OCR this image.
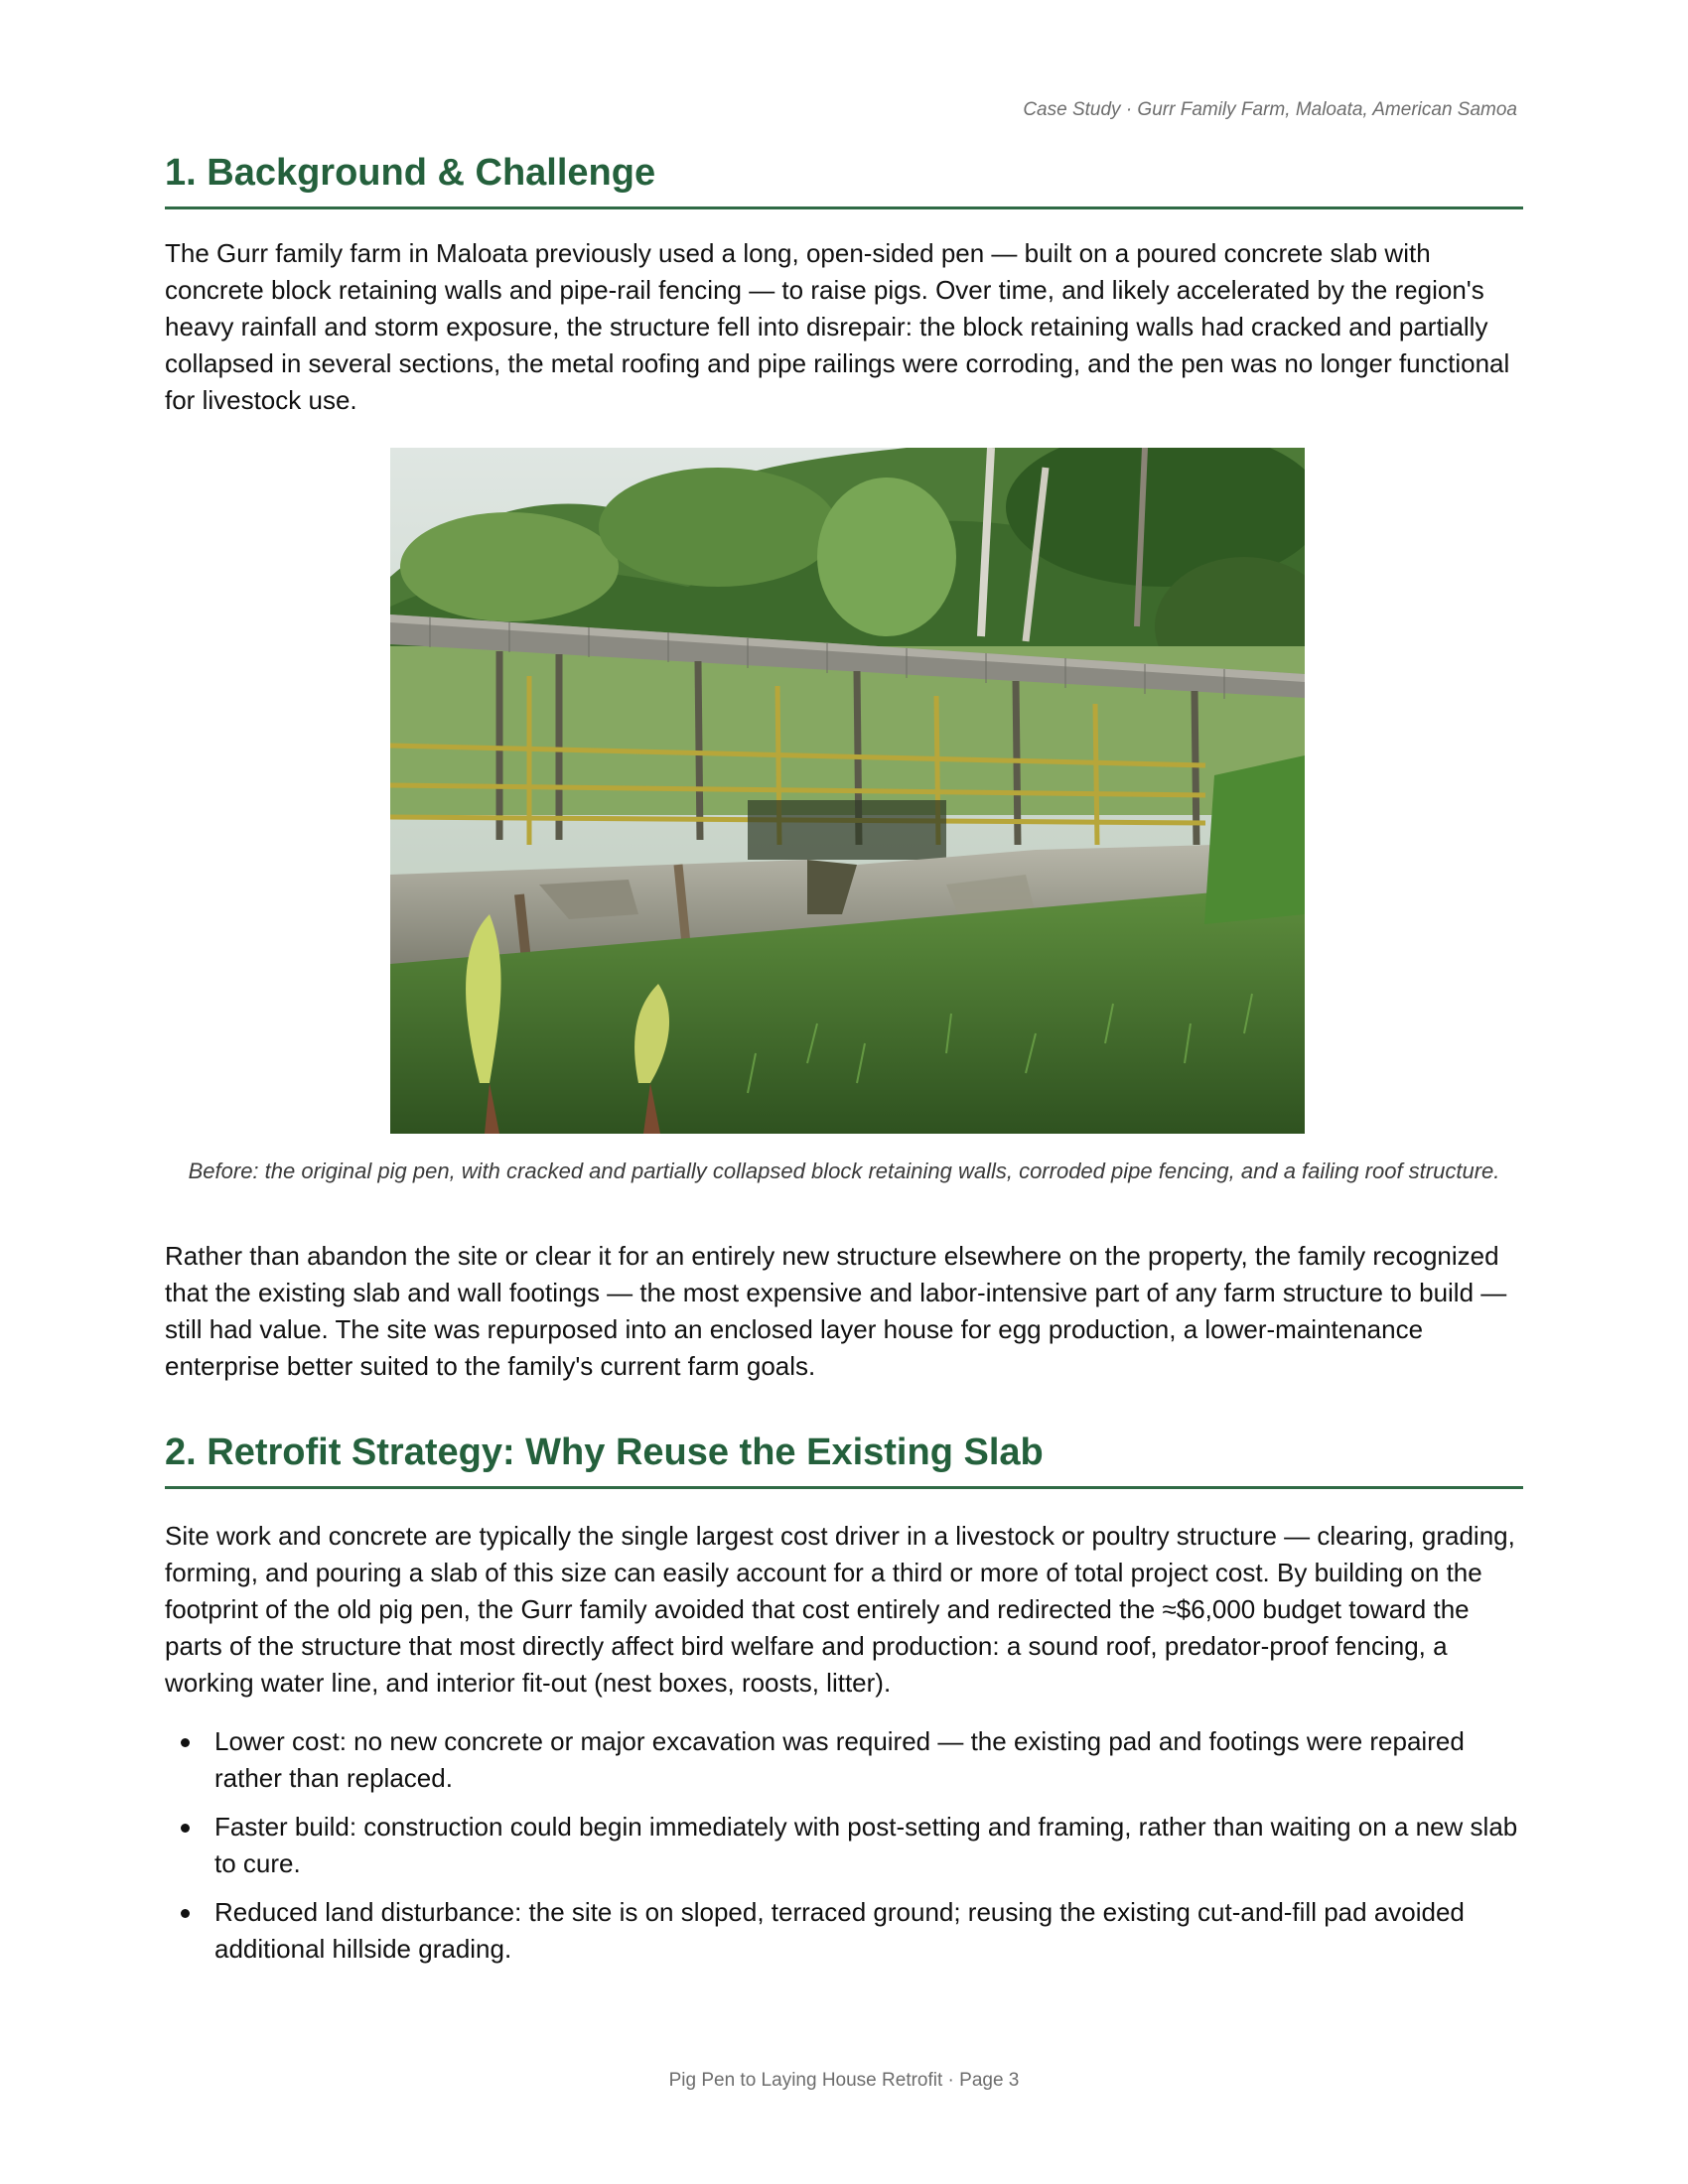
Case Study · Gurr Family Farm, Maloata, American Samoa
1. Background & Challenge

The Gurr family farm in Maloata previously used a long, open-sided pen — built on a poured concrete slab with concrete block retaining walls and pipe-rail fencing — to raise pigs. Over time, and likely accelerated by the region's heavy rainfall and storm exposure, the structure fell into disrepair: the block retaining walls had cracked and partially collapsed in several sections, the metal roofing and pipe railings were corroding, and the pen was no longer functional for livestock use.

Before: the original pig pen, with cracked and partially collapsed block retaining walls, corroded pipe fencing, and a failing roof structure.

Rather than abandon the site or clear it for an entirely new structure elsewhere on the property, the family recognized that the existing slab and wall footings — the most expensive and labor-intensive part of any farm structure to build — still had value. The site was repurposed into an enclosed layer house for egg production, a lower-maintenance enterprise better suited to the family's current farm goals.

2. Retrofit Strategy: Why Reuse the Existing Slab

Site work and concrete are typically the single largest cost driver in a livestock or poultry structure — clearing, grading, forming, and pouring a slab of this size can easily account for a third or more of total project cost. By building on the footprint of the old pig pen, the Gurr family avoided that cost entirely and redirected the ≈$6,000 budget toward the parts of the structure that most directly affect bird welfare and production: a sound roof, predator-proof fencing, a working water line, and interior fit-out (nest boxes, roosts, litter).

Lower cost: no new concrete or major excavation was required — the existing pad and footings were repaired rather than replaced.
Faster build: construction could begin immediately with post-setting and framing, rather than waiting on a new slab to cure.
Reduced land disturbance: the site is on sloped, terraced ground; reusing the existing cut-and-fill pad avoided additional hillside grading.
Pig Pen to Laying House Retrofit · Page 3
